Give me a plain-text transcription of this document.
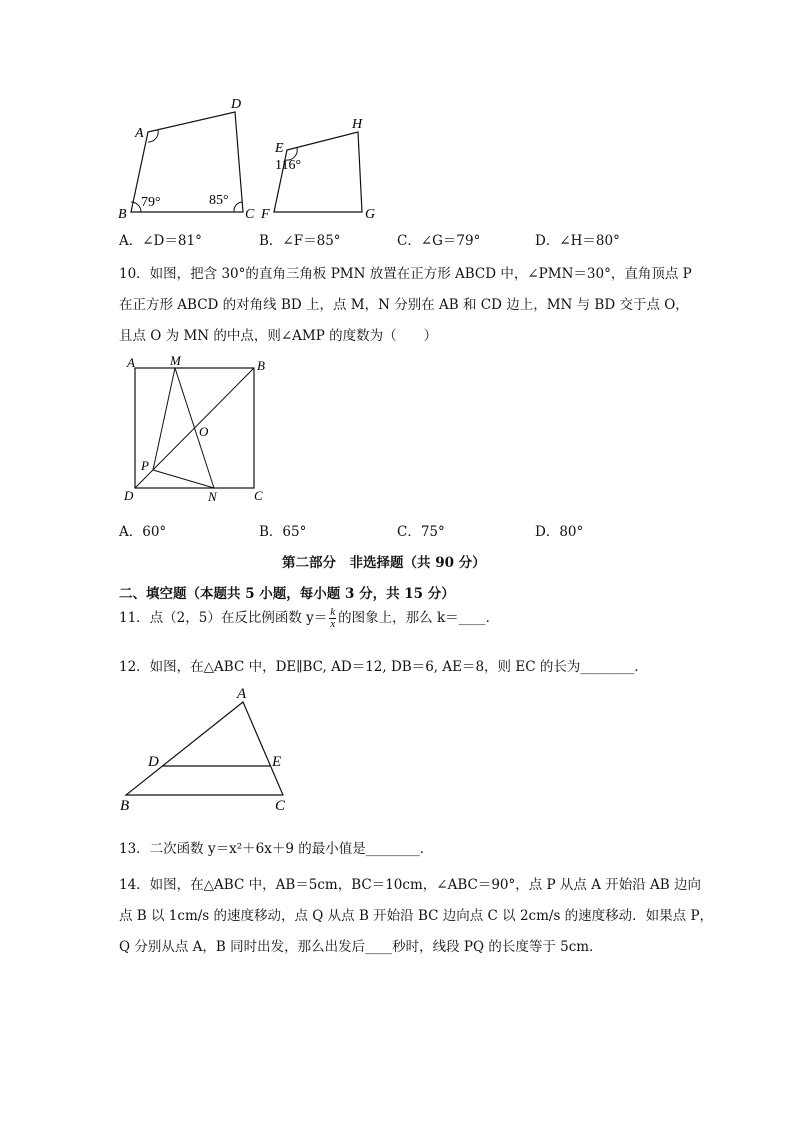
A
D
B	C
79°	85°
E
H
F	G
116°
A．∠D＝81°	B．∠F＝85°	C．∠G＝79°	D．∠H＝80°
10．如图，把含 30°的直角三角板 PMN 放置在正方形 ABCD 中，∠PMN＝30°，直角顶点 P
在正方形 ABCD 的对角线 BD 上，点 M，N 分别在 AB 和 CD 边上，MN 与 BD 交于点 O，
且点 O 为 MN 的中点，则∠AMP 的度数为（　　）
A	M	B
O
P
D	N	C
A．60°	B．65°	C．75°	D．80°
第二部分　非选择题（共 90 分）
二、填空题（本题共 5 小题，每小题 3 分，共 15 分）
11．点（2，5）在反比例函数 $y= \frac{k}{x}$ 的图象上，那么 k＝____．
12．如图，在△ABC 中，DE∥BC, AD＝12, DB＝6, AE＝8，则 EC 的长为________．
A
D	E
B	C
13．二次函数 y＝x²＋6x＋9 的最小值是________．
14．如图，在△ABC 中，AB＝5cm，BC＝10cm，∠ABC＝90°，点 P 从点 A 开始沿 AB 边向
点 B 以 1cm/s 的速度移动，点 Q 从点 B 开始沿 BC 边向点 C 以 2cm/s 的速度移动．如果点 P，
Q 分别从点 A，B 同时出发，那么出发后____秒时，线段 PQ 的长度等于 5cm．
